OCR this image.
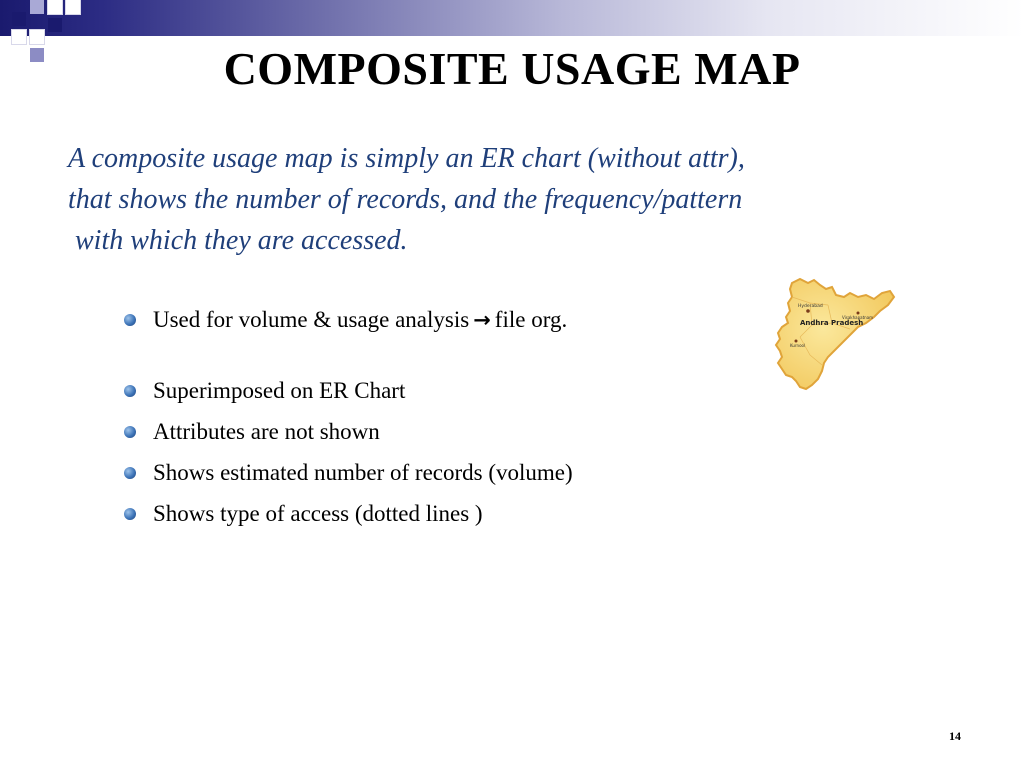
COMPOSITE USAGE MAP
A composite usage map is simply an ER chart (without attr),
that shows the number of records, and the frequency/pattern
with which they are accessed.
Used for volume & usage analysis → file org.
Superimposed on ER Chart
Attributes are not shown
Shows estimated number of records (volume)
Shows type of access (dotted lines )
Hyderabad
Andhra Pradesh
Kurnool
Visakhapatnam
14
